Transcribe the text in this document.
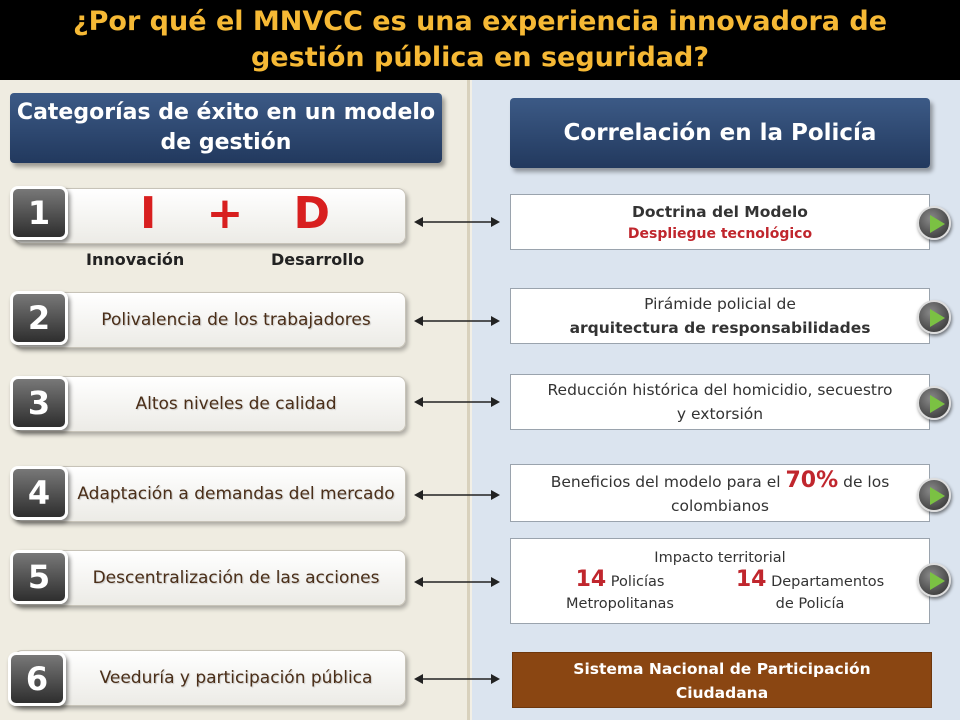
¿Por qué el MNVCC es una experiencia innovadora de
gestión pública en seguridad?
Categorías de éxito en un modelo de gestión	Correlación en la Policía
I + D
Innovación	Desarrollo
1
Polivalencia de los trabajadores
2
Altos niveles de calidad
3
Adaptación a demandas del mercado
4
Descentralización de las acciones
5
Veeduría y participación pública
6
Doctrina del Modelo
Despliegue tecnológico
Pirámide policial de
arquitectura de responsabilidades
Reducción histórica del homicidio, secuestro
y extorsión
Beneficios del modelo para el 70% de los
colombianos
Impacto territorial
14 Policías
Metropolitanas
14 Departamentos
de Policía
Sistema Nacional de Participación
Ciudadana
